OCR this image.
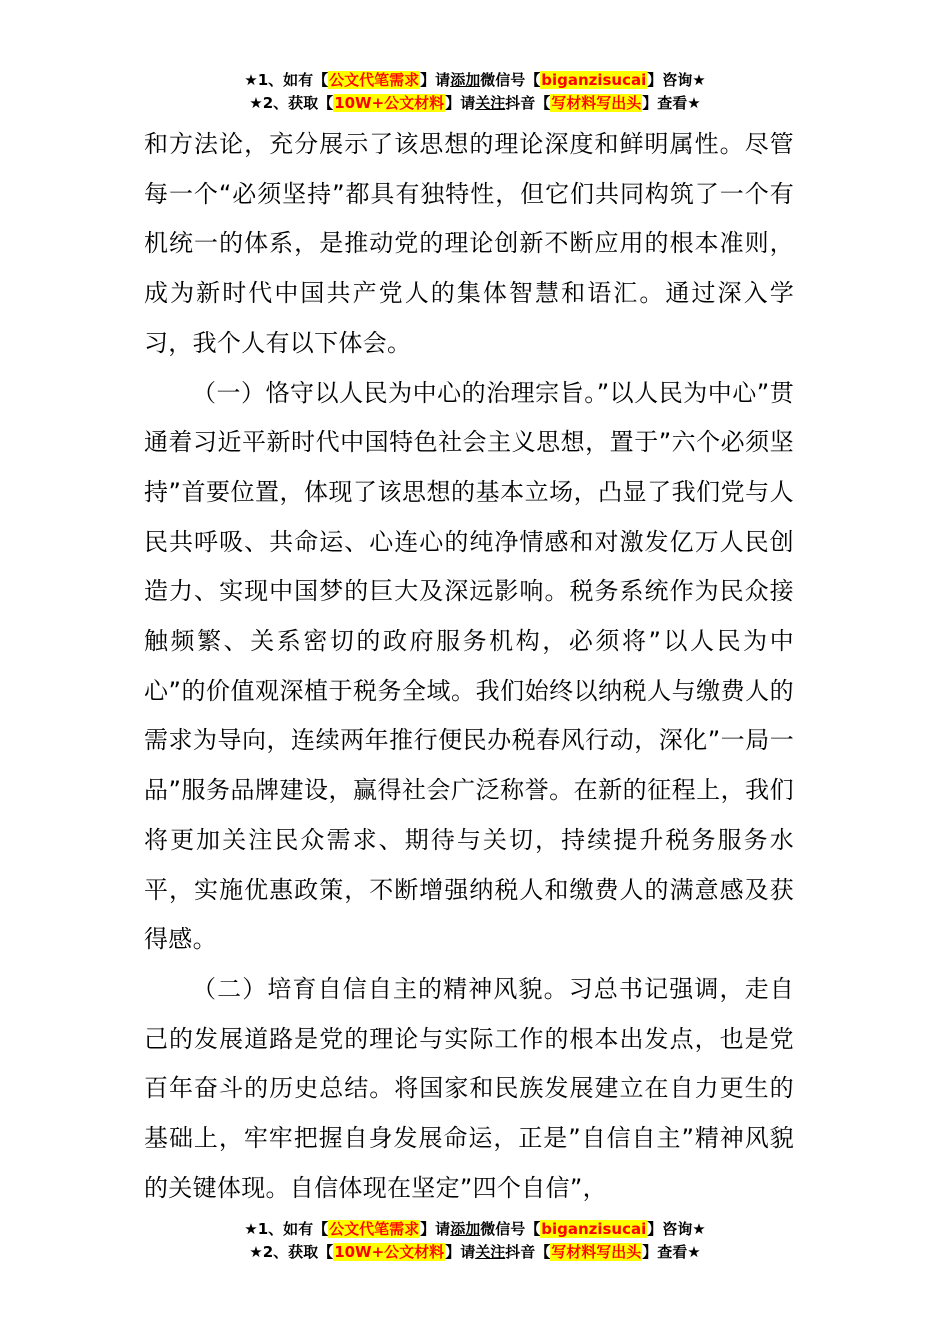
★1、如有【公文代笔需求】请添加微信号【biganzisucai】咨询★
★2、获取【10W+公文材料】请关注抖音【写材料写出头】查看★

和方法论，充分展示了该思想的理论深度和鲜明属性。尽管每一个“必须坚持”都具有独特性，但它们共同构筑了一个有机统一的体系，是推动党的理论创新不断应用的根本准则，成为新时代中国共产党人的集体智慧和语汇。通过深入学习，我个人有以下体会。

（一）恪守以人民为中心的治理宗旨。”以人民为中心”贯通着习近平新时代中国特色社会主义思想，置于”六个必须坚持”首要位置，体现了该思想的基本立场，凸显了我们党与人民共呼吸、共命运、心连心的纯净情感和对激发亿万人民创造力、实现中国梦的巨大及深远影响。税务系统作为民众接触频繁、关系密切的政府服务机构，必须将”以人民为中心”的价值观深植于税务全域。我们始终以纳税人与缴费人的需求为导向，连续两年推行便民办税春风行动，深化”一局一品”服务品牌建设，赢得社会广泛称誉。在新的征程上，我们将更加关注民众需求、期待与关切，持续提升税务服务水平，实施优惠政策，不断增强纳税人和缴费人的满意感及获得感。

（二）培育自信自主的精神风貌。习总书记强调，走自己的发展道路是党的理论与实际工作的根本出发点，也是党百年奋斗的历史总结。将国家和民族发展建立在自力更生的基础上，牢牢把握自身发展命运，正是”自信自主”精神风貌的关键体现。自信体现在坚定”四个自信”，

★1、如有【公文代笔需求】请添加微信号【biganzisucai】咨询★
★2、获取【10W+公文材料】请关注抖音【写材料写出头】查看★
